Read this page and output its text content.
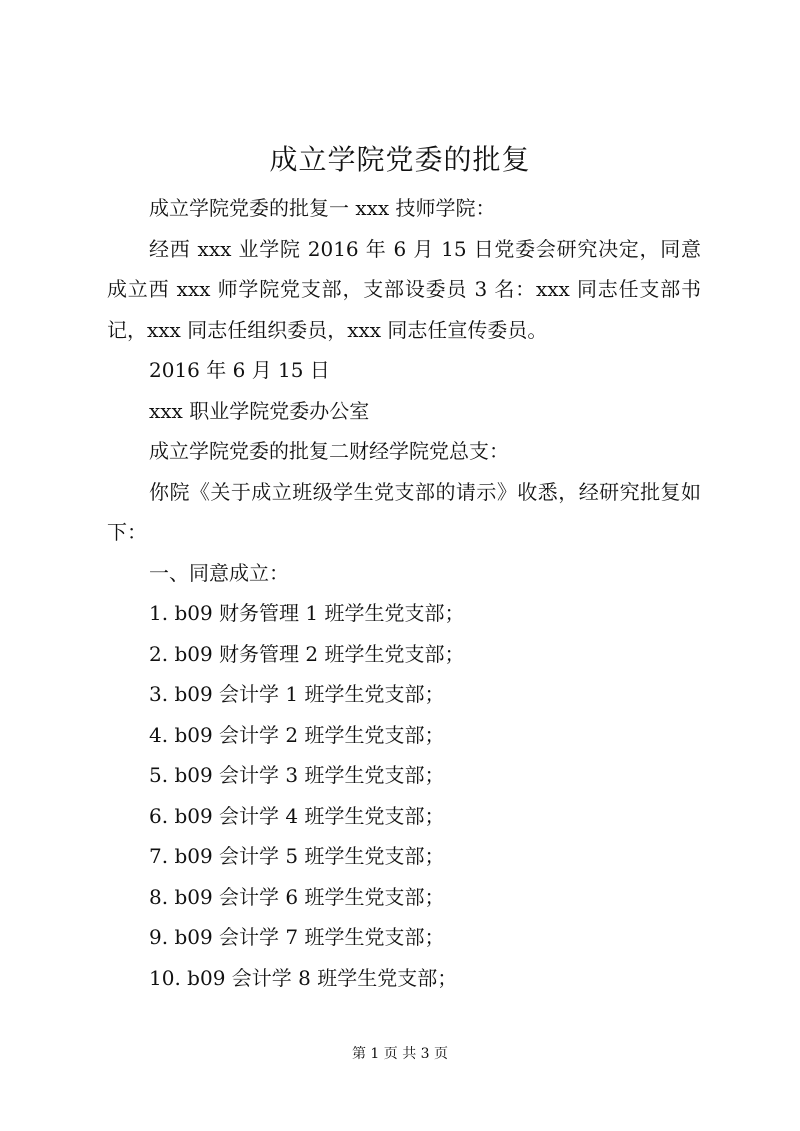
成立学院党委的批复

成立学院党委的批复一 xxx 技师学院：

经西 xxx 业学院 2016 年 6 月 15 日党委会研究决定，同意成立西 xxx 师学院党支部，支部设委员 3 名：xxx 同志任支部书记，xxx 同志任组织委员，xxx 同志任宣传委员。

2016 年 6 月 15 日

xxx 职业学院党委办公室

成立学院党委的批复二财经学院党总支：

你院《关于成立班级学生党支部的请示》收悉，经研究批复如下：

一、同意成立：

1. b09 财务管理 1 班学生党支部；

2. b09 财务管理 2 班学生党支部；

3. b09 会计学 1 班学生党支部；

4. b09 会计学 2 班学生党支部；

5. b09 会计学 3 班学生党支部；

6. b09 会计学 4 班学生党支部；

7. b09 会计学 5 班学生党支部；

8. b09 会计学 6 班学生党支部；

9. b09 会计学 7 班学生党支部；

10. b09 会计学 8 班学生党支部；

第 1 页 共 3 页
